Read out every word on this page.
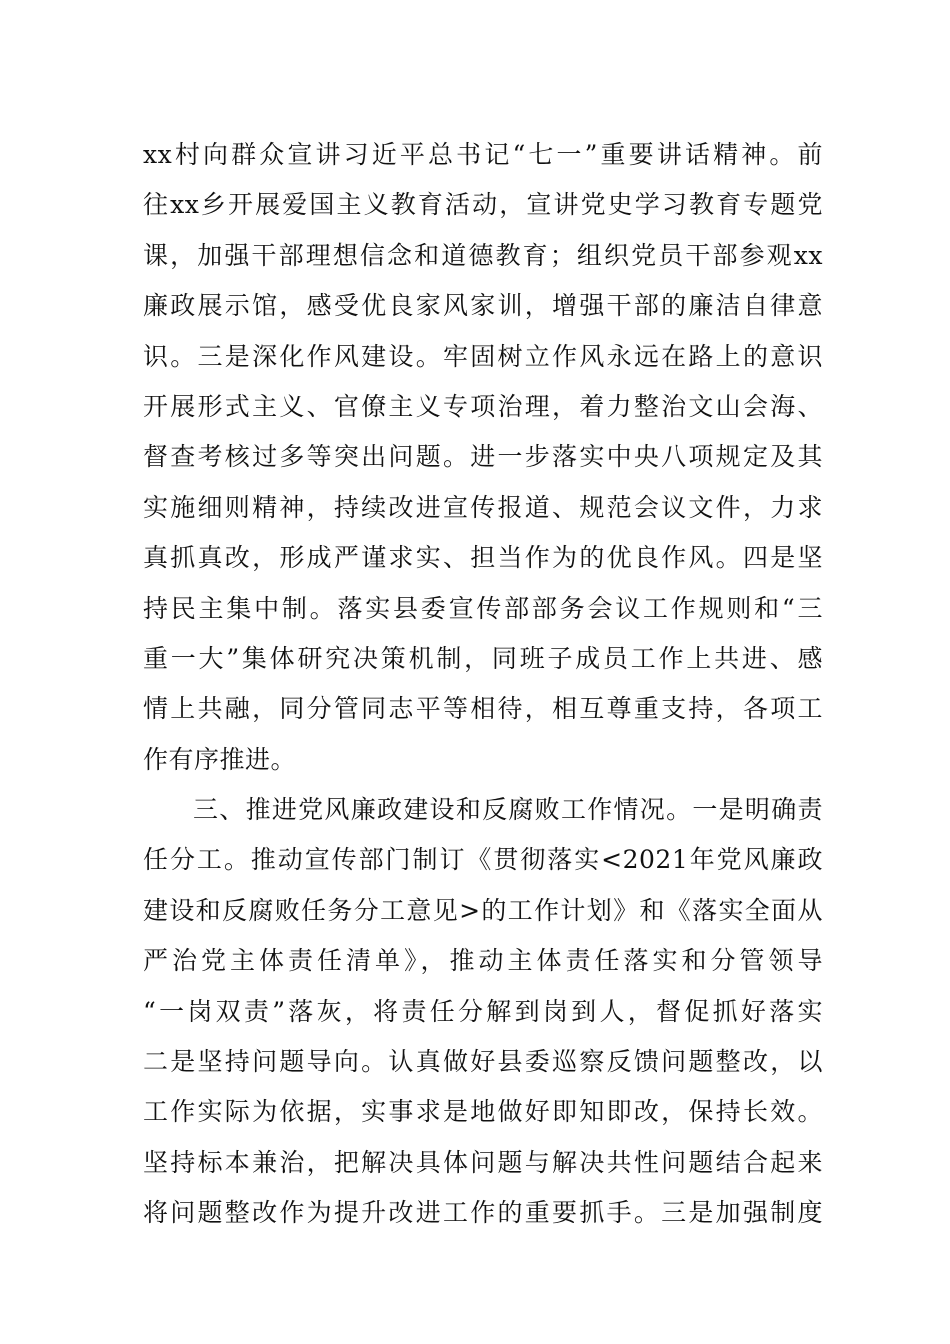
xx村向群众宣讲习近平总书记“七一”重要讲话精神。前
往xx乡开展爱国主义教育活动，宣讲党史学习教育专题党
课，加强干部理想信念和道德教育；组织党员干部参观xx
廉政展示馆，感受优良家风家训，增强干部的廉洁自律意
识。三是深化作风建设。牢固树立作风永远在路上的意识
开展形式主义、官僚主义专项治理，着力整治文山会海、
督查考核过多等突出问题。进一步落实中央八项规定及其
实施细则精神，持续改进宣传报道、规范会议文件，力求
真抓真改，形成严谨求实、担当作为的优良作风。四是坚
持民主集中制。落实县委宣传部部务会议工作规则和“三
重一大”集体研究决策机制，同班子成员工作上共进、感
情上共融，同分管同志平等相待，相互尊重支持，各项工
作有序推进。
三、推进党风廉政建设和反腐败工作情况。一是明确责
任分工。推动宣传部门制订《贯彻落实<2021年党风廉政
建设和反腐败任务分工意见>的工作计划》和《落实全面从
严治党主体责任清单》，推动主体责任落实和分管领导
“一岗双责”落灰，将责任分解到岗到人，督促抓好落实
二是坚持问题导向。认真做好县委巡察反馈问题整改，以
工作实际为依据，实事求是地做好即知即改，保持长效。
坚持标本兼治，把解决具体问题与解决共性问题结合起来
将问题整改作为提升改进工作的重要抓手。三是加强制度
